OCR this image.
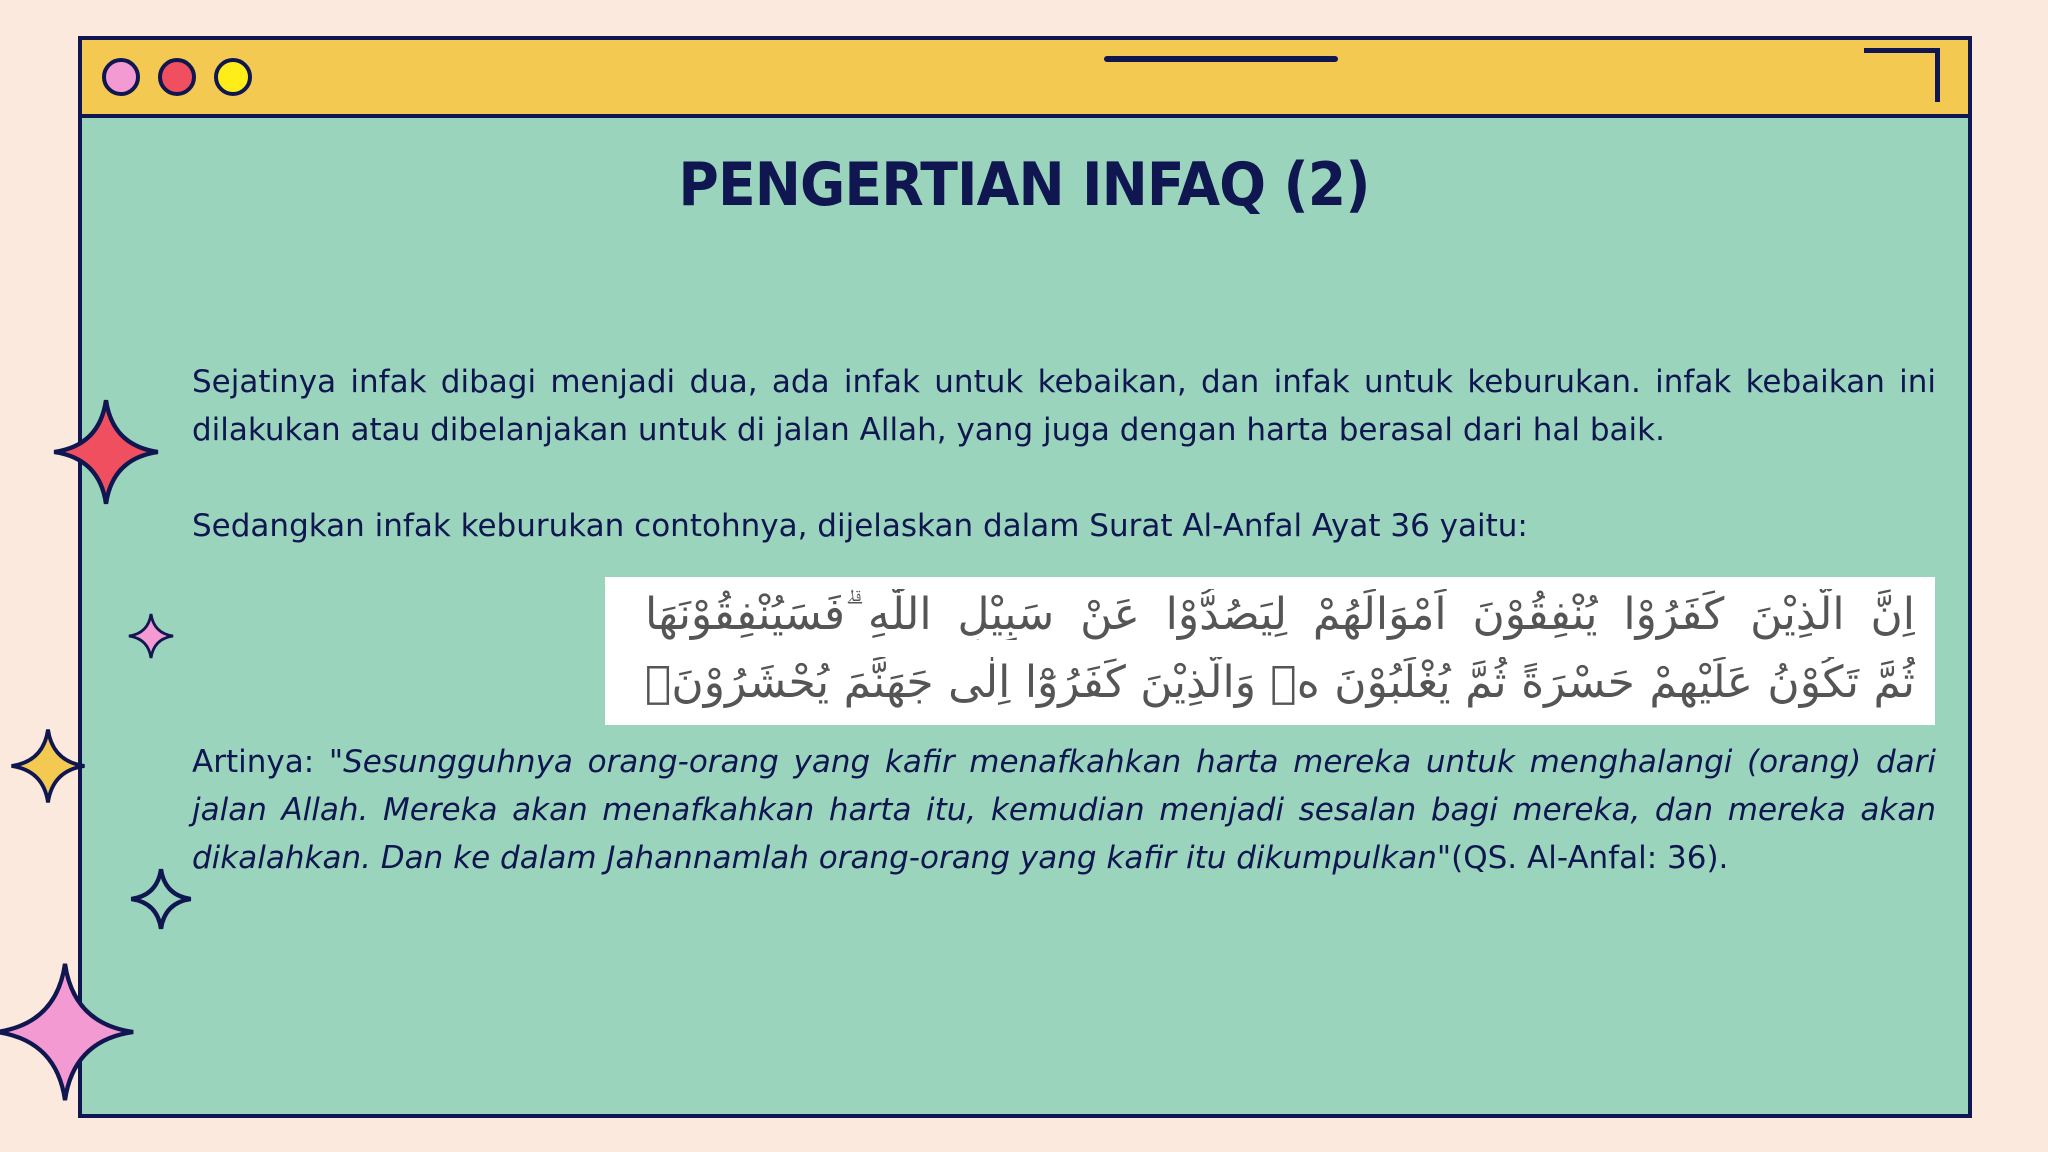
PENGERTIAN INFAQ (2)
Sejatinya infak dibagi menjadi dua, ada infak untuk kebaikan, dan infak untuk keburukan. infak kebaikan ini dilakukan atau dibelanjakan untuk di jalan Allah, yang juga dengan harta berasal dari hal baik.
Sedangkan infak keburukan contohnya, dijelaskan dalam Surat Al-Anfal Ayat 36 yaitu:
اِنَّ الَّذِيْنَ كَفَرُوْا يُنْفِقُوْنَ اَمْوَالَهُمْ لِيَصُدُّوْا عَنْ سَبِيْلِ اللّٰهِ ۗفَسَيُنْفِقُوْنَهَا
ثُمَّ تَكُوْنُ عَلَيْهِمْ حَسْرَةً ثُمَّ يُغْلَبُوْنَ ەۗ وَالَّذِيْنَ كَفَرُوْٓا اِلٰى جَهَنَّمَ يُحْشَرُوْنَۙ
Artinya: "Sesungguhnya orang-orang yang kafir menafkahkan harta mereka untuk menghalangi (orang) dari jalan Allah. Mereka akan menafkahkan harta itu, kemudian menjadi sesalan bagi mereka, dan mereka akan dikalahkan. Dan ke dalam Jahannamlah orang-orang yang kafir itu dikumpulkan"(QS. Al-Anfal: 36).
